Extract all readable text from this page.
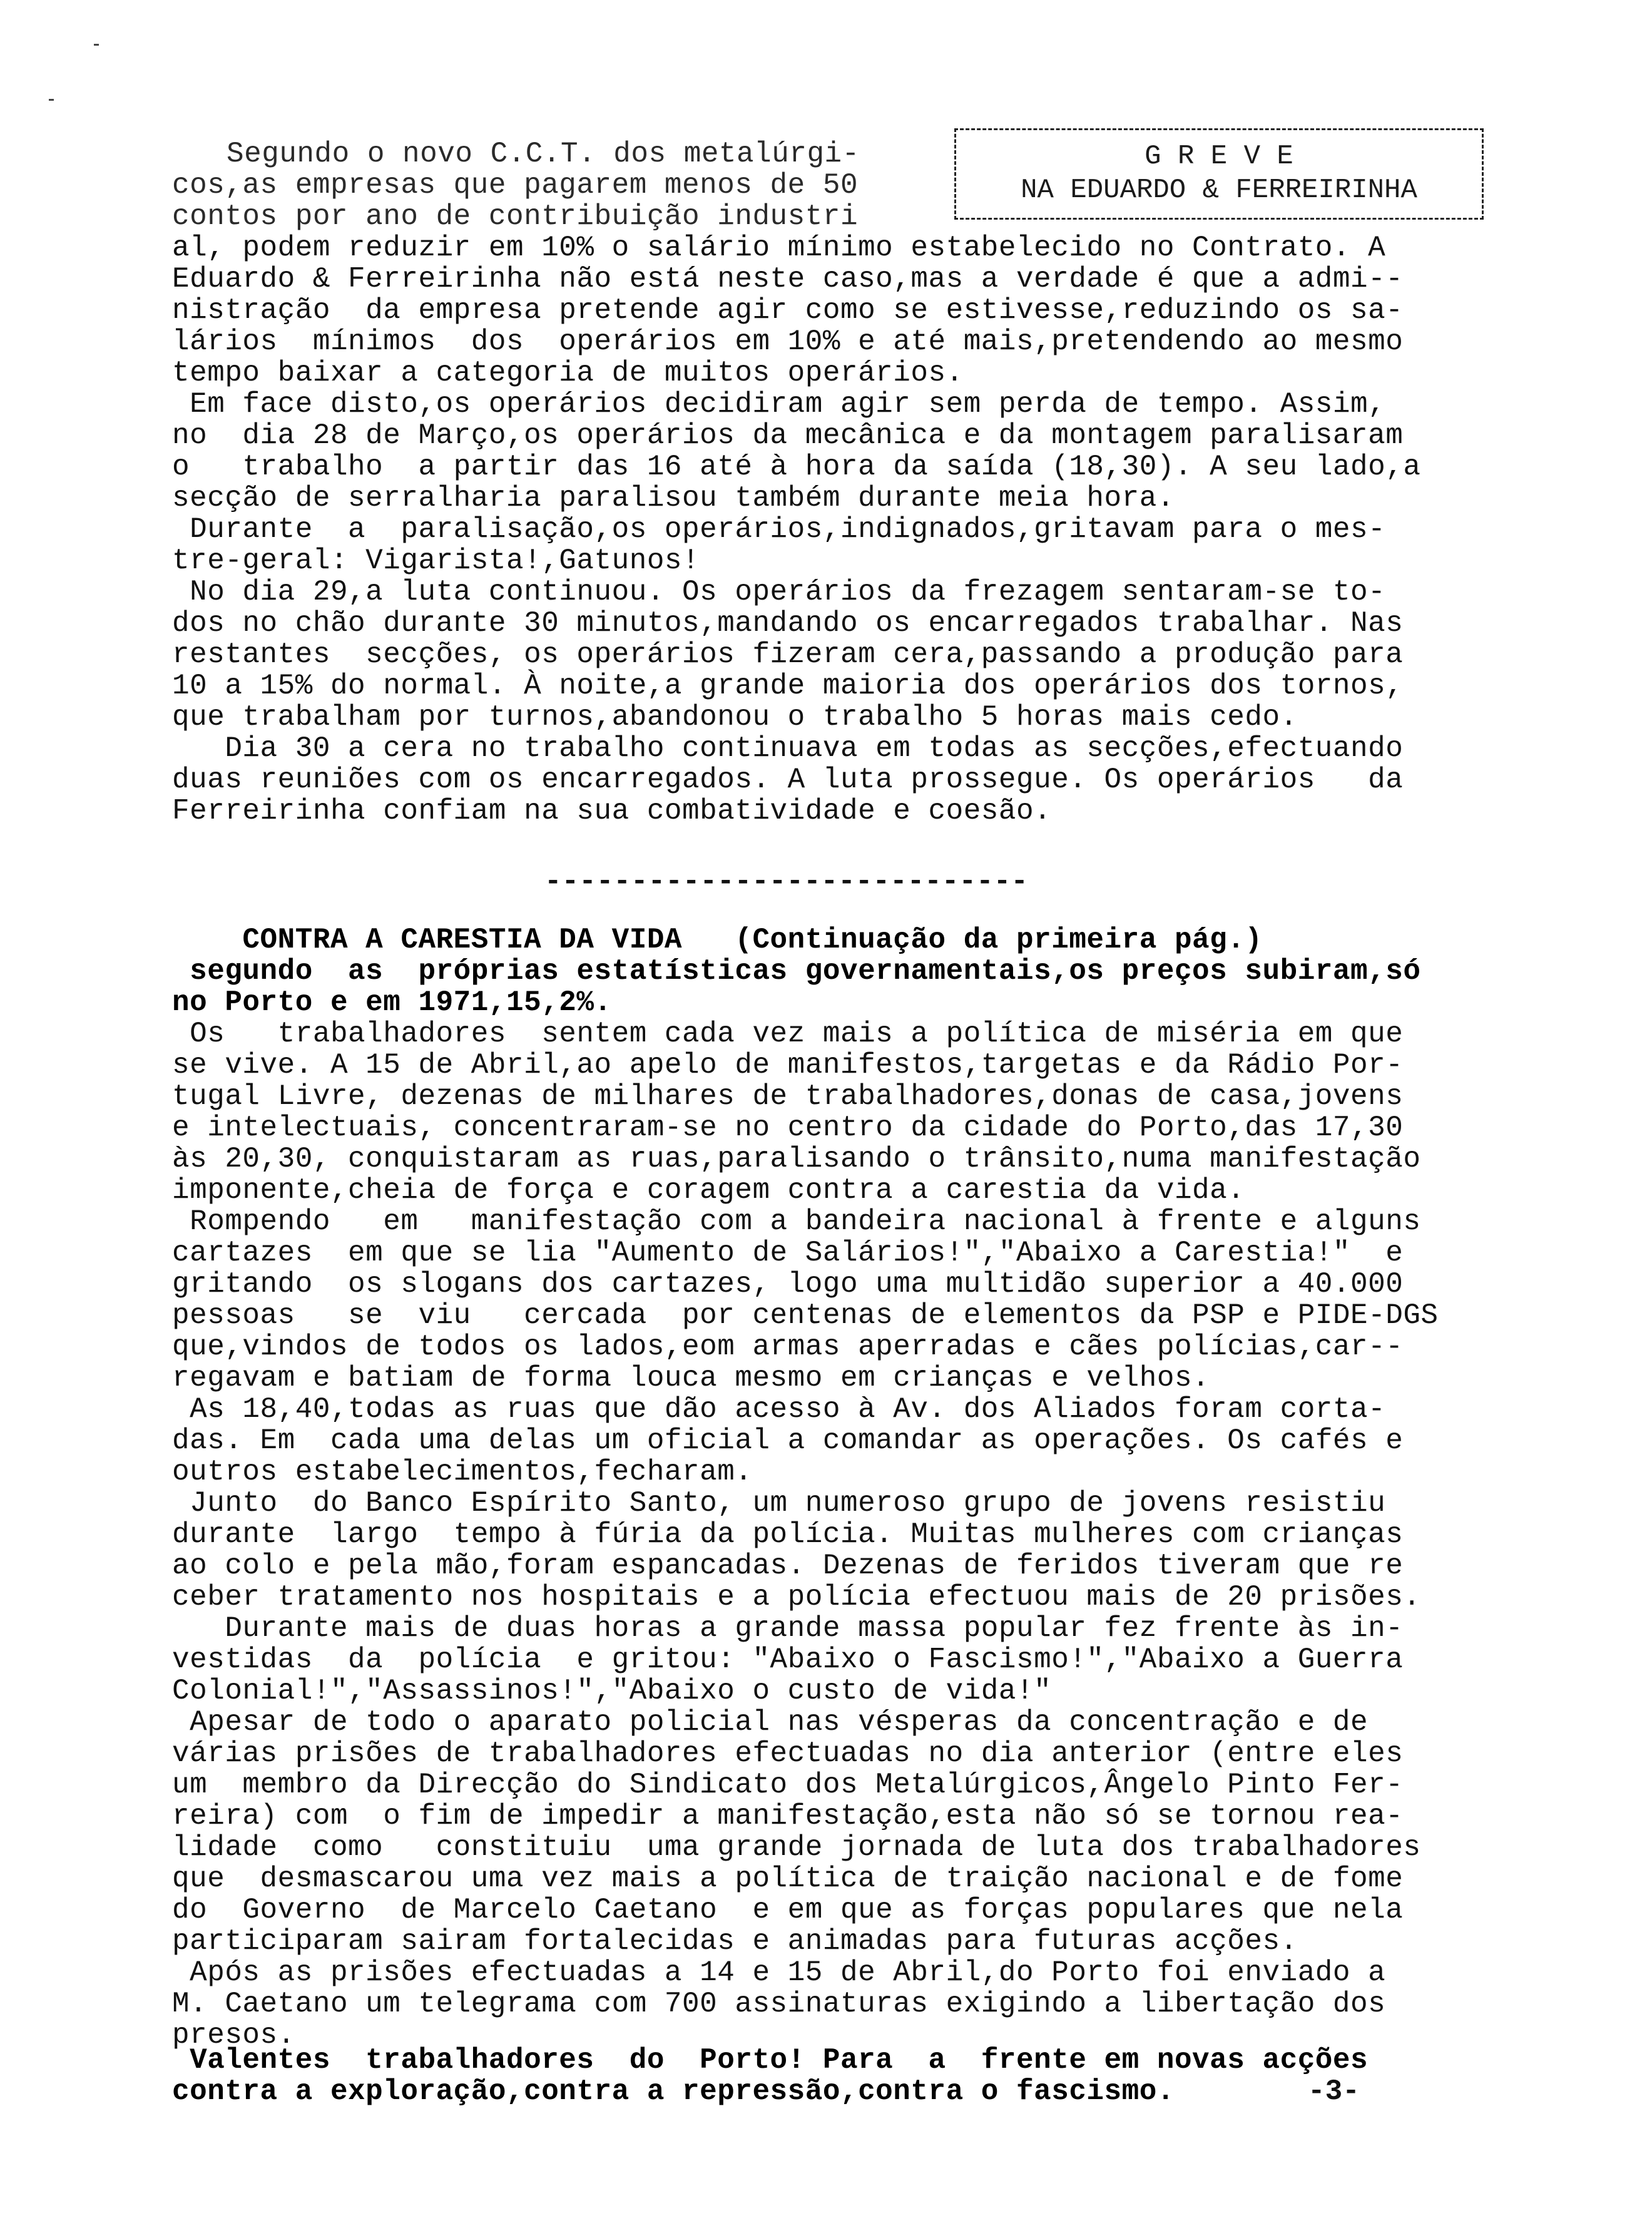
G R E V E
NA EDUARDO & FERREIRINHA
Segundo o novo C.C.T. dos metalúrgi-
cos,as empresas que pagarem menos de 50
contos por ano de contribuição industri
al, podem reduzir em 10% o salário mínimo estabelecido no Contrato. A
Eduardo & Ferreirinha não está neste caso,mas a verdade é que a admi--
nistração  da empresa pretende agir como se estivesse,reduzindo os sa-
lários  mínimos  dos  operários em 10% e até mais,pretendendo ao mesmo
tempo baixar a categoria de muitos operários.
Em face disto,os operários decidiram agir sem perda de tempo. Assim,
no  dia 28 de Março,os operários da mecânica e da montagem paralisaram
o   trabalho  a partir das 16 até à hora da saída (18,30). A seu lado,a
secção de serralharia paralisou também durante meia hora.
Durante  a  paralisação,os operários,indignados,gritavam para o mes-
tre-geral: Vigarista!,Gatunos!
No dia 29,a luta continuou. Os operários da frezagem sentaram-se to-
dos no chão durante 30 minutos,mandando os encarregados trabalhar. Nas
restantes  secções, os operários fizeram cera,passando a produção para
10 a 15% do normal. À noite,a grande maioria dos operários dos tornos,
que trabalham por turnos,abandonou o trabalho 5 horas mais cedo.
Dia 30 a cera no trabalho continuava em todas as secções,efectuando
duas reuniões com os encarregados. A luta prossegue. Os operários   da
Ferreirinha confiam na sua combatividade e coesão.
----------------------------
CONTRA A CARESTIA DA VIDA   (Continuação da primeira pág.)
segundo  as  próprias estatísticas governamentais,os preços subiram,só
no Porto e em 1971,15,2%.
Os   trabalhadores  sentem cada vez mais a política de miséria em que
se vive. A 15 de Abril,ao apelo de manifestos,targetas e da Rádio Por-
tugal Livre, dezenas de milhares de trabalhadores,donas de casa,jovens
e intelectuais, concentraram-se no centro da cidade do Porto,das 17,30
às 20,30, conquistaram as ruas,paralisando o trânsito,numa manifestação
imponente,cheia de força e coragem contra a carestia da vida.
Rompendo   em   manifestação com a bandeira nacional à frente e alguns
cartazes  em que se lia "Aumento de Salários!","Abaixo a Carestia!"  e
gritando  os slogans dos cartazes, logo uma multidão superior a 40.000
pessoas   se  viu   cercada  por centenas de elementos da PSP e PIDE-DGS
que,vindos de todos os lados,eom armas aperradas e cães polícias,car--
regavam e batiam de forma louca mesmo em crianças e velhos.
As 18,40,todas as ruas que dão acesso à Av. dos Aliados foram corta-
das. Em  cada uma delas um oficial a comandar as operações. Os cafés e
outros estabelecimentos,fecharam.
Junto  do Banco Espírito Santo, um numeroso grupo de jovens resistiu
durante  largo  tempo à fúria da polícia. Muitas mulheres com crianças
ao colo e pela mão,foram espancadas. Dezenas de feridos tiveram que re
ceber tratamento nos hospitais e a polícia efectuou mais de 20 prisões.
Durante mais de duas horas a grande massa popular fez frente às in-
vestidas  da  polícia  e gritou: "Abaixo o Fascismo!","Abaixo a Guerra
Colonial!","Assassinos!","Abaixo o custo de vida!"
Apesar de todo o aparato policial nas vésperas da concentração e de
várias prisões de trabalhadores efectuadas no dia anterior (entre eles
um  membro da Direcção do Sindicato dos Metalúrgicos,Ângelo Pinto Fer-
reira) com  o fim de impedir a manifestação,esta não só se tornou rea-
lidade  como   constituiu  uma grande jornada de luta dos trabalhadores
que  desmascarou uma vez mais a política de traição nacional e de fome
do  Governo  de Marcelo Caetano  e em que as forças populares que nela
participaram sairam fortalecidas e animadas para futuras acções.
Após as prisões efectuadas a 14 e 15 de Abril,do Porto foi enviado a
M. Caetano um telegrama com 700 assinaturas exigindo a libertação dos
presos.
Valentes  trabalhadores  do  Porto! Para  a  frente em novas acções
contra a exploração,contra a repressão,contra o fascismo.	-3-
